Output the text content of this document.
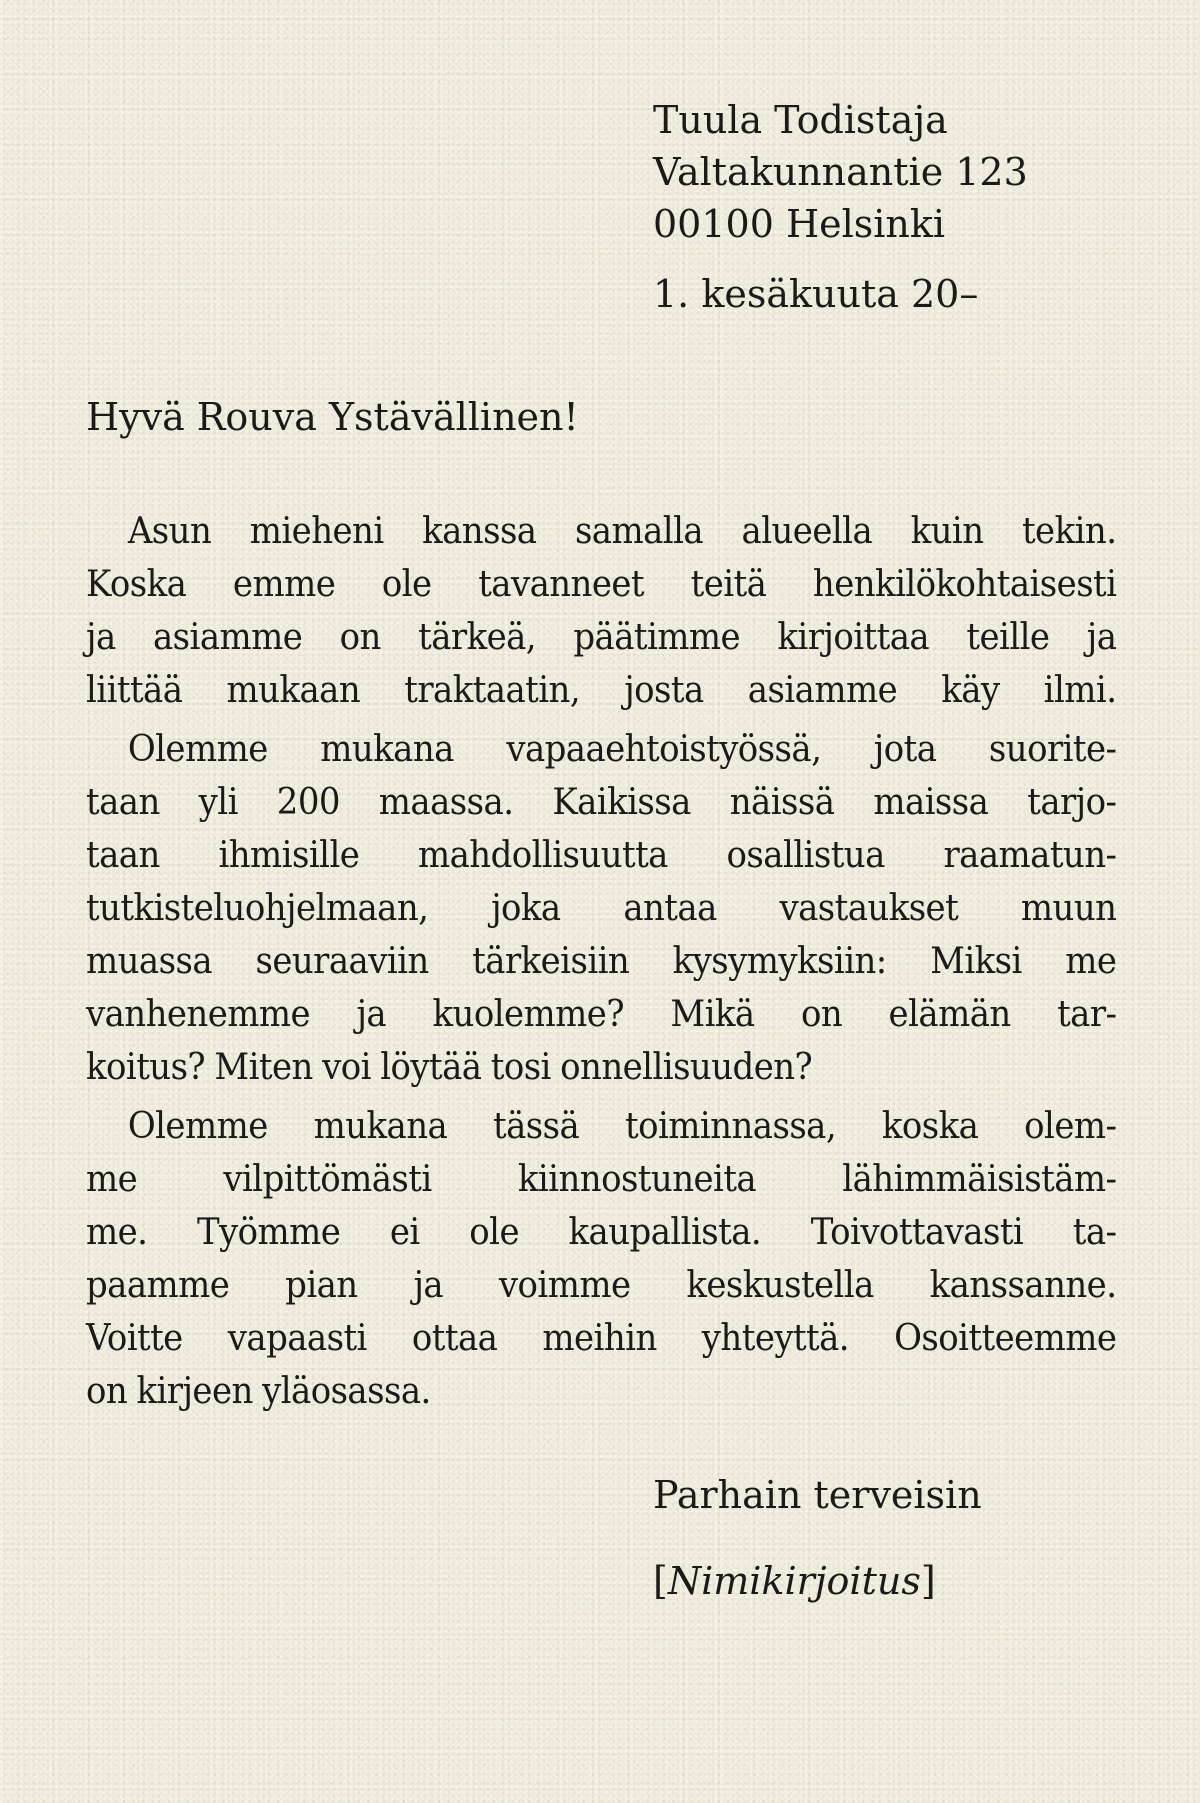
Tuula Todistaja
Valtakunnantie 123
00100 Helsinki
1. kesäkuuta 20–
Hyvä Rouva Ystävällinen!

Asun mieheni kanssa samalla alueella kuin tekin.
Koska emme ole tavanneet teitä henkilökohtaisesti
ja asiamme on tärkeä, päätimme kirjoittaa teille ja
liittää mukaan traktaatin, josta asiamme käy ilmi.

Olemme mukana vapaaehtoistyössä, jota suorite-
taan yli 200 maassa. Kaikissa näissä maissa tarjo-
taan ihmisille mahdollisuutta osallistua raamatun-
tutkisteluohjelmaan, joka antaa vastaukset muun
muassa seuraaviin tärkeisiin kysymyksiin: Miksi me
vanhenemme ja kuolemme? Mikä on elämän tar-
koitus? Miten voi löytää tosi onnellisuuden?

Olemme mukana tässä toiminnassa, koska olem-
me vilpittömästi kiinnostuneita lähimmäisistäm-
me. Työmme ei ole kaupallista. Toivottavasti ta-
paamme pian ja voimme keskustella kanssanne.
Voitte vapaasti ottaa meihin yhteyttä. Osoitteemme
on kirjeen yläosassa.

Parhain terveisin
[Nimikirjoitus]
